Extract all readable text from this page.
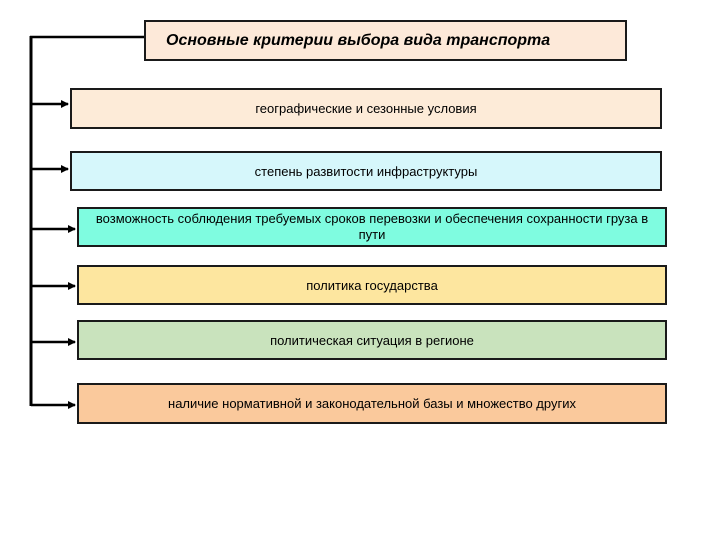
Основные критерии выбора вида транспорта
географические и сезонные условия
степень развитости инфраструктуры
возможность соблюдения требуемых сроков перевозки и обеспечения сохранности груза в пути
политика государства
политическая ситуация в регионе
наличие нормативной и законодательной базы и множество других
